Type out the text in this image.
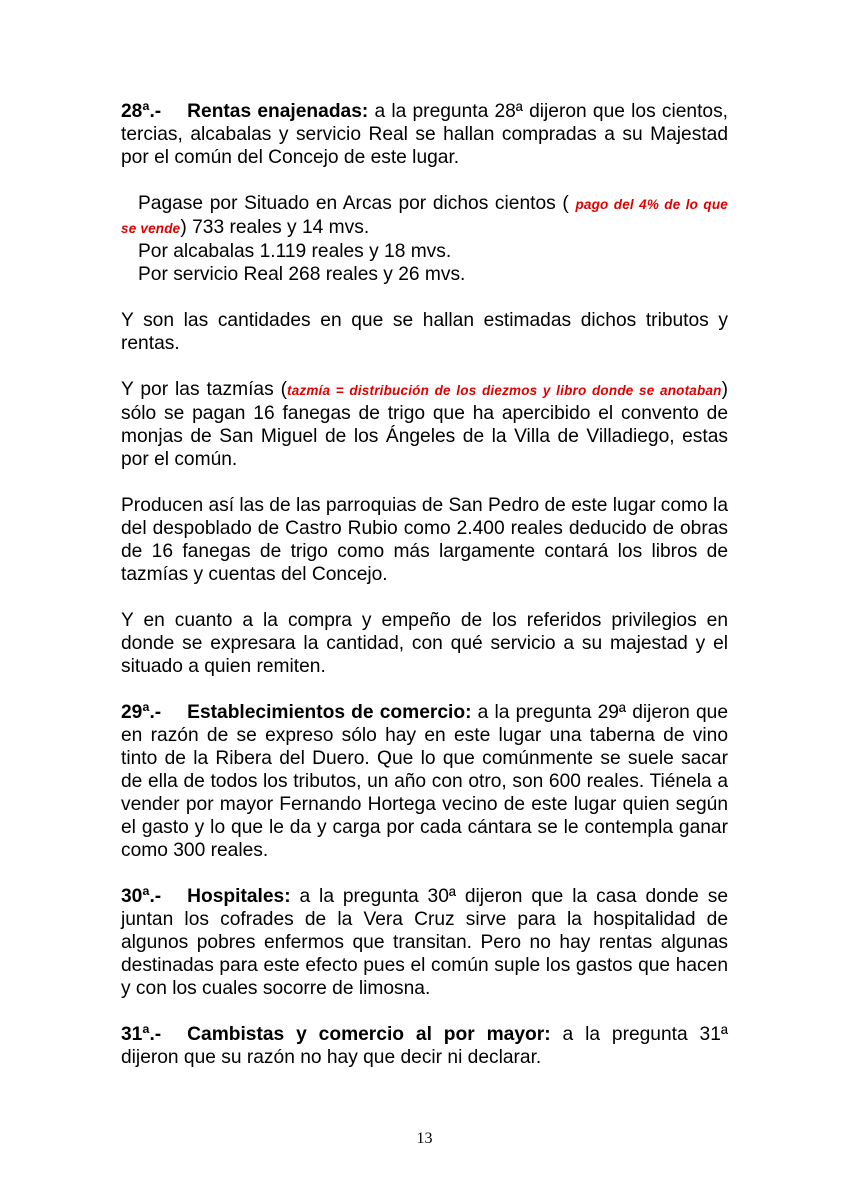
28ª.- Rentas enajenadas: a la pregunta 28ª dijeron que los cientos, tercias, alcabalas y servicio Real se hallan compradas a su Majestad por el común del Concejo de este lugar.

Pagase por Situado en Arcas por dichos cientos ( pago del 4% de lo que se vende) 733 reales y 14 mvs.

Por alcabalas 1.119 reales y 18 mvs.

Por servicio Real 268 reales y 26 mvs.

Y son las cantidades en que se hallan estimadas dichos tributos y rentas.

Y por las tazmías (tazmía = distribución de los diezmos y libro donde se anotaban) sólo se pagan 16 fanegas de trigo que ha apercibido el convento de monjas de San Miguel de los Ángeles de la Villa de Villadiego, estas por el común.

Producen así las de las parroquias de San Pedro de este lugar como la del despoblado de Castro Rubio como 2.400 reales deducido de obras de 16 fanegas de trigo como más largamente contará los libros de tazmías y cuentas del Concejo.

Y en cuanto a la compra y empeño de los referidos privilegios en donde se expresara la cantidad, con qué servicio a su majestad y el situado a quien remiten.

29ª.- Establecimientos de comercio: a la pregunta 29ª dijeron que en razón de se expreso sólo hay en este lugar una taberna de vino tinto de la Ribera del Duero. Que lo que comúnmente se suele sacar de ella de todos los tributos, un año con otro, son 600 reales. Tiénela a vender por mayor Fernando Hortega vecino de este lugar quien según el gasto y lo que le da y carga por cada cántara se le contempla ganar como 300 reales.

30ª.- Hospitales: a la pregunta 30ª dijeron que la casa donde se juntan los cofrades de la Vera Cruz sirve para la hospitalidad de algunos pobres enfermos que transitan. Pero no hay rentas algunas destinadas para este efecto pues el común suple los gastos que hacen y con los cuales socorre de limosna.

31ª.- Cambistas y comercio al por mayor: a la pregunta 31ª dijeron que su razón no hay que decir ni declarar.

13
